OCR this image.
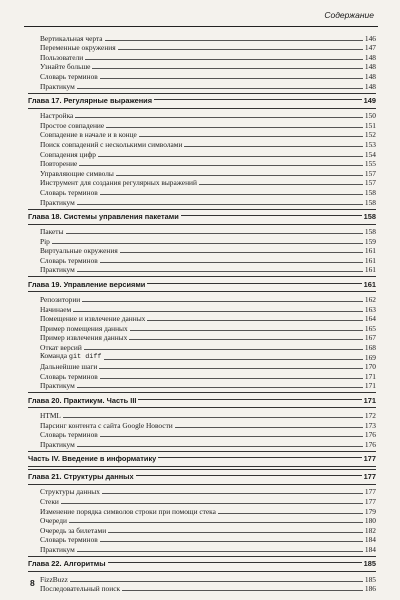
Содержание
Вертикальная черта	146
Переменные окружения	147
Пользователи	148
Узнайте больше	148
Словарь терминов	148
Практикум	148
Глава 17. Регулярные выражения	149
Настройка	150
Простое совпадение	151
Совпадение в начале и в конце	152
Поиск совпадений с несколькими символами	153
Совпадения цифр	154
Повторение	155
Управляющие символы	157
Инструмент для создания регулярных выражений	157
Словарь терминов	158
Практикум	158
Глава 18. Системы управления пакетами	158
Пакеты	158
Pip	159
Виртуальные окружения	161
Словарь терминов	161
Практикум	161
Глава 19. Управление версиями	161
Репозитории	162
Начинаем	163
Помещение и извлечение данных	164
Пример помещения данных	165
Пример извлечения данных	167
Откат версий	168
Команда git diff	169
Дальнейшие шаги	170
Словарь терминов	171
Практикум	171
Глава 20. Практикум. Часть III	171
HTML	172
Парсинг контента с сайта Google Новости	173
Словарь терминов	176
Практикум	176
Часть IV. Введение в информатику	177
Глава 21. Структуры данных	177
Структуры данных	177
Стеки	177
Изменение порядка символов строки при помощи стека	179
Очереди	180
Очередь за билетами	182
Словарь терминов	184
Практикум	184
Глава 22. Алгоритмы	185
FizzBuzz	185
Последовательный поиск	186
8
